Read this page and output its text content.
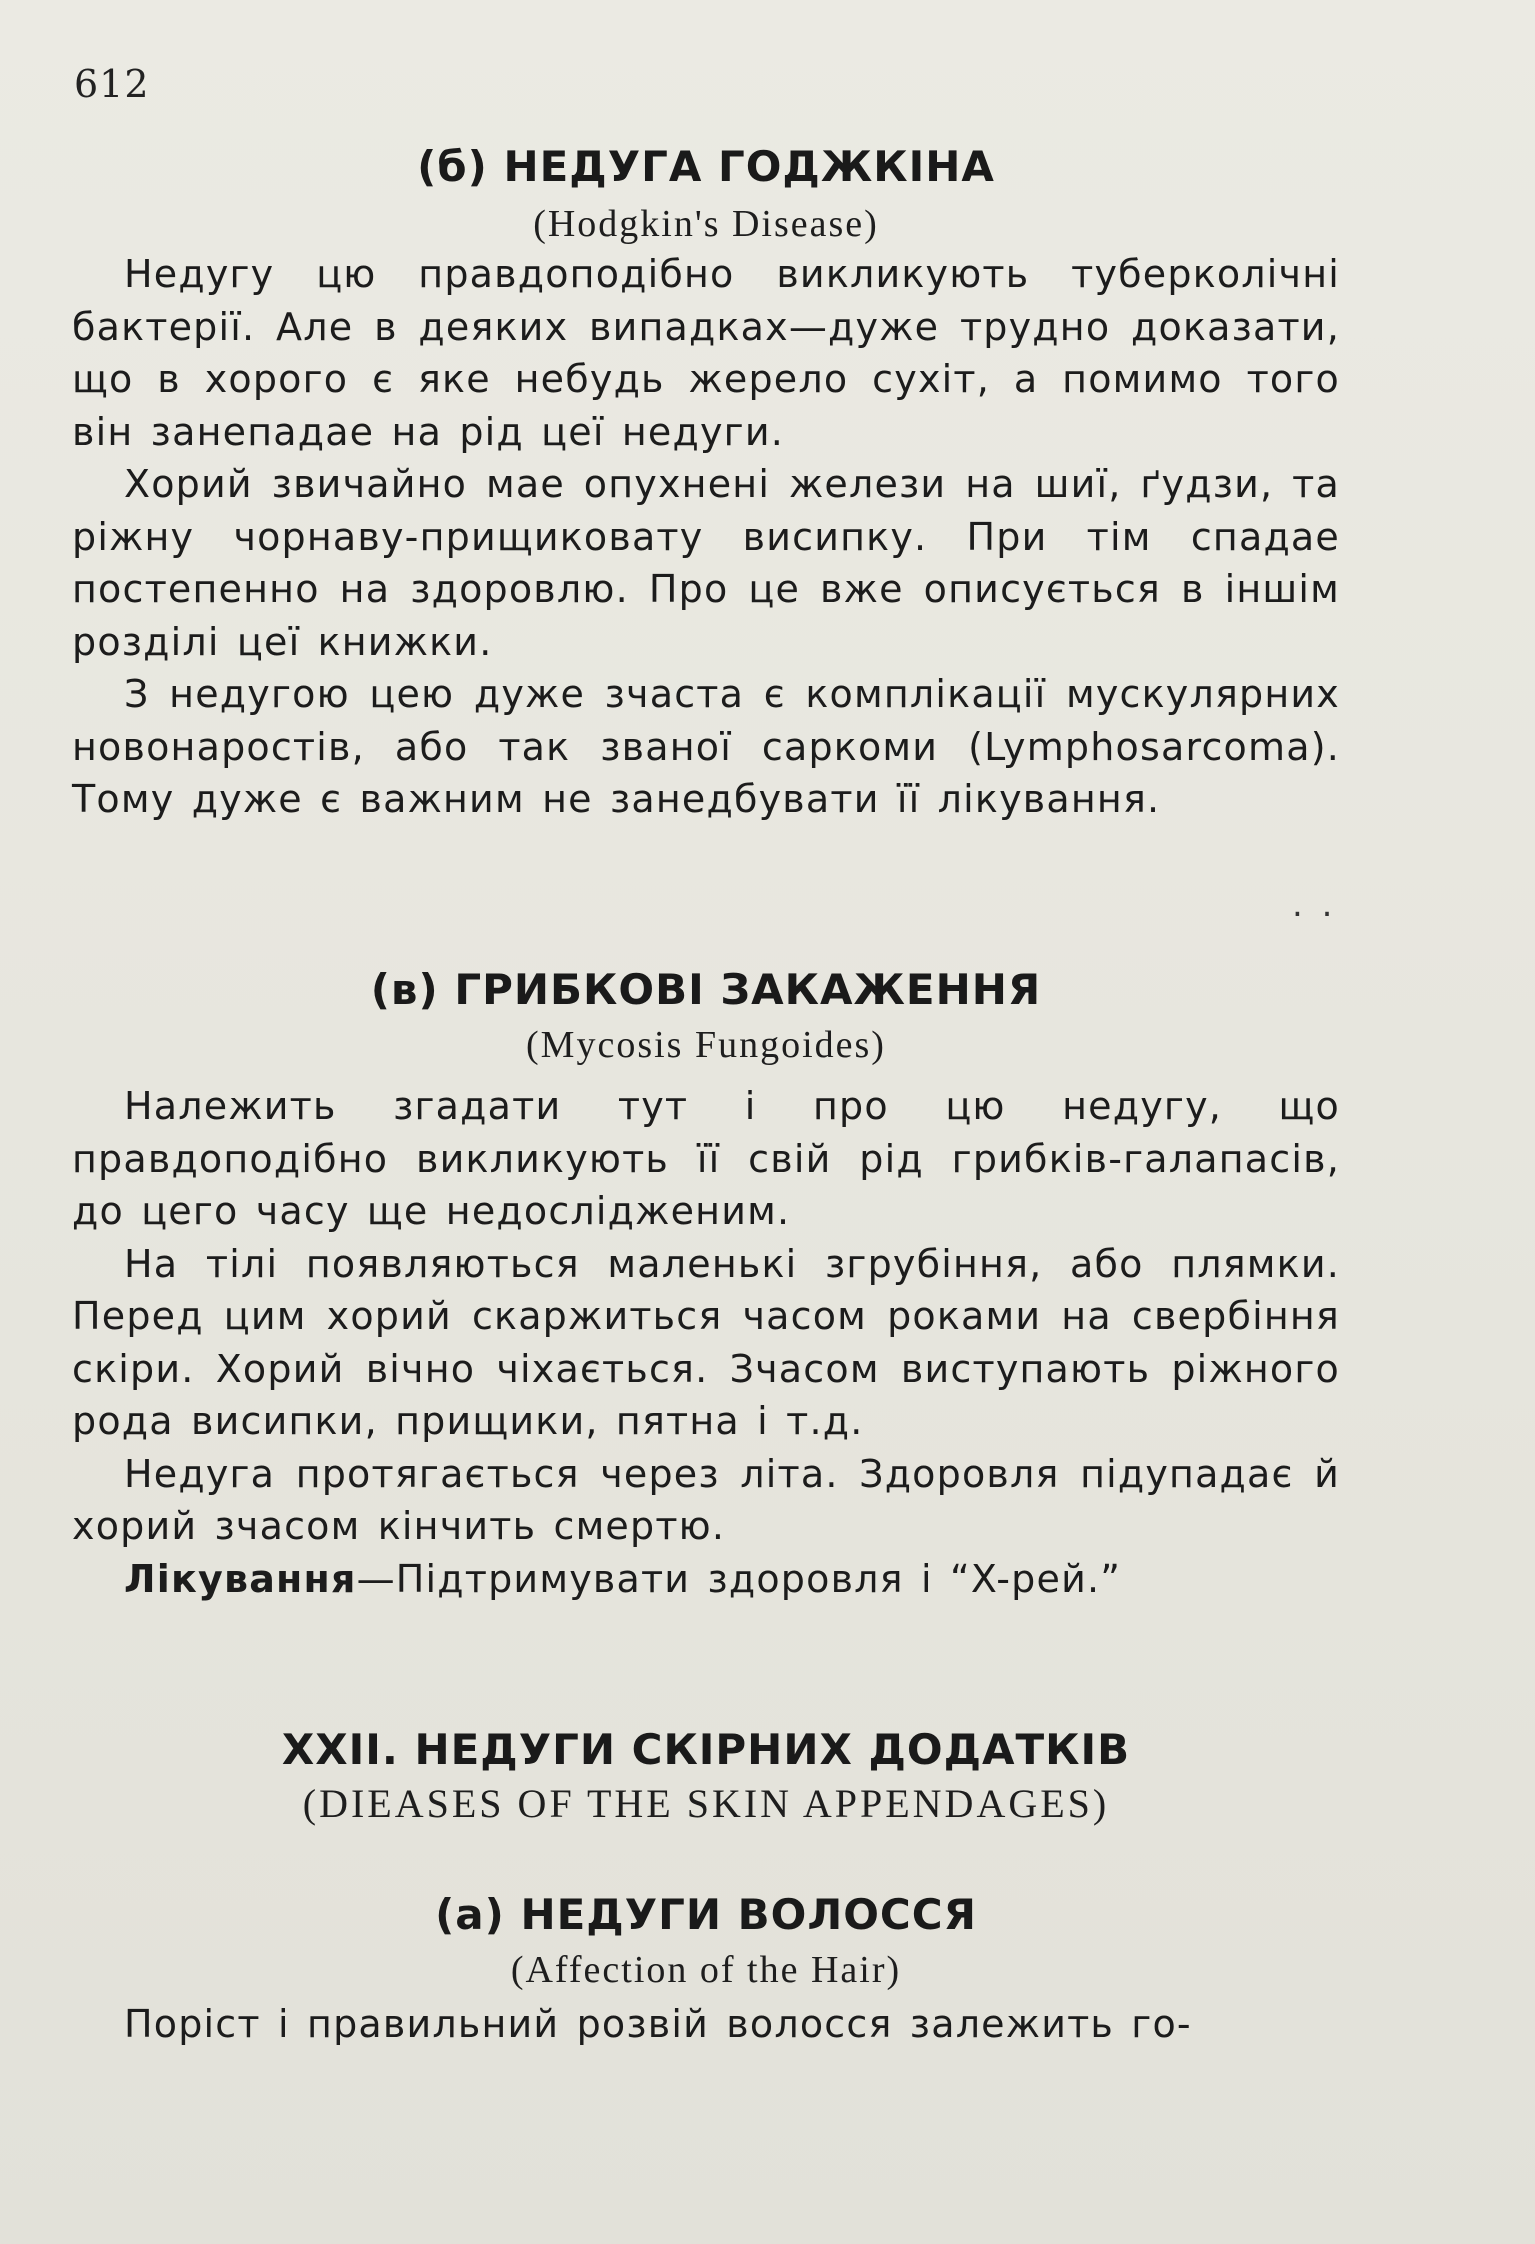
612
(б) НЕДУГА ГОДЖКІНА
(Hodgkin's Disease)
Недугу цю правдоподібно викликують туберколічні бактерії. Але в деяких випадках—дуже трудно доказати, що в хорого є яке небудь жерело сухіт, а помимо того він занепадае на рід цеї недуги.
Хорий звичайно мае опухнені желези на шиї, ґудзи, та ріжну чорнаву-прищиковату висипку. При тім спадае постепенно на здоровлю. Про це вже описується в іншім розділі цеї книжки.
З недугою цею дуже зчаста є комплікації мускулярних новонаростів, або так званої саркоми (Lymphosarcoma). Тому дуже є важним не занедбувати її лікування.
. .
(в) ГРИБКОВІ ЗАКАЖЕННЯ
(Mycosis Fungoides)
Належить згадати тут і про цю недугу, що правдоподібно викликують її свій рід грибків-галапасів, до цего часу ще недослідженим.
На тілі появляються маленькі згрубіння, або плямки. Перед цим хорий скаржиться часом роками на свербіння скіри. Хорий вічно чіхається. Зчасом виступають ріжного рода висипки, прищики, пятна і т.д.
Недуга протягається через літа. Здоровля підупадає й хорий зчасом кінчить смертю.
Лікування—Підтримувати здоровля і “X-рей.”
XXII. НЕДУГИ СКІРНИХ ДОДАТКІВ
(DIEASES OF THE SKIN APPENDAGES)
(а) НЕДУГИ ВОЛОССЯ
(Affection of the Hair)
Поріст і правильний розвій волосся залежить го-
